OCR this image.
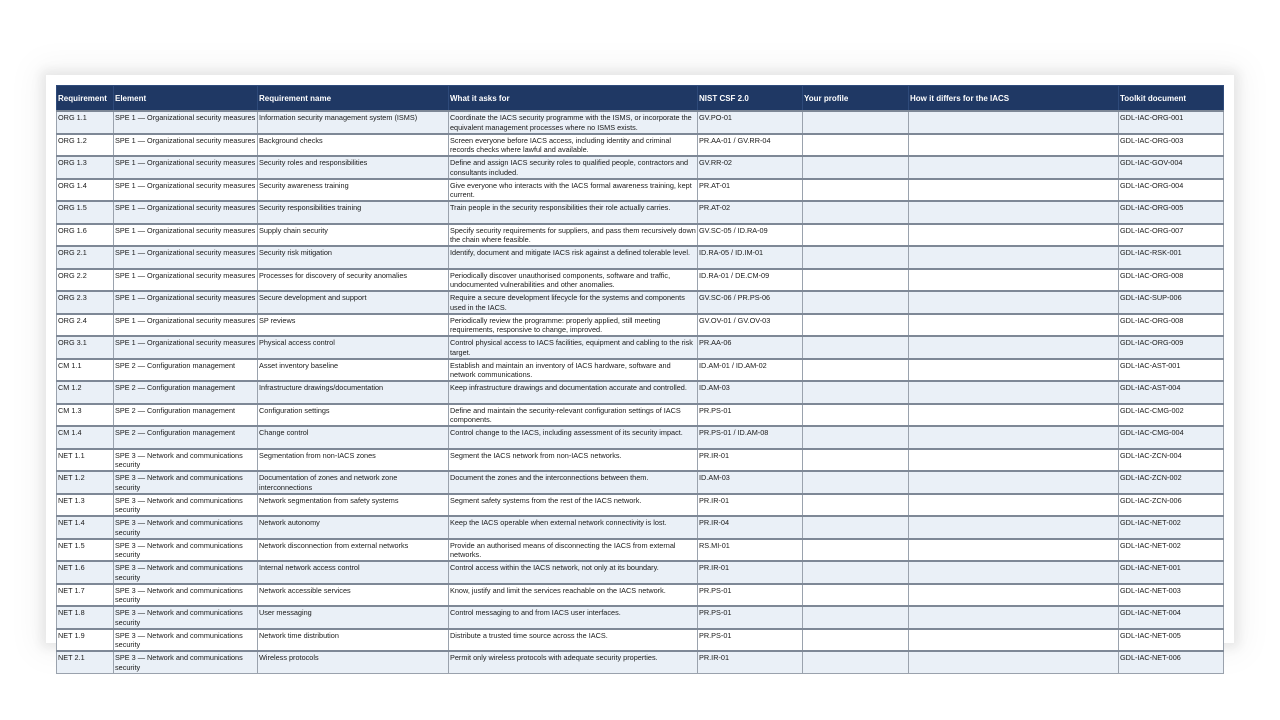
Requirement	Element	Requirement name	What it asks for	NIST CSF 2.0	Your profile	How it differs for the IACS	Toolkit document
ORG 1.1	SPE 1 — Organizational security measures	Information security management system (ISMS)	Coordinate the IACS security programme with the ISMS, or incorporate the equivalent management processes where no ISMS exists.	GV.PO-01			GDL-IAC-ORG-001
ORG 1.2	SPE 1 — Organizational security measures	Background checks	Screen everyone before IACS access, including identity and criminal records checks where lawful and available.	PR.AA-01 / GV.RR-04			GDL-IAC-ORG-003
ORG 1.3	SPE 1 — Organizational security measures	Security roles and responsibilities	Define and assign IACS security roles to qualified people, contractors and consultants included.	GV.RR-02			GDL-IAC-GOV-004
ORG 1.4	SPE 1 — Organizational security measures	Security awareness training	Give everyone who interacts with the IACS formal awareness training, kept current.	PR.AT-01			GDL-IAC-ORG-004
ORG 1.5	SPE 1 — Organizational security measures	Security responsibilities training	Train people in the security responsibilities their role actually carries.	PR.AT-02			GDL-IAC-ORG-005
ORG 1.6	SPE 1 — Organizational security measures	Supply chain security	Specify security requirements for suppliers, and pass them recursively down the chain where feasible.	GV.SC-05 / ID.RA-09			GDL-IAC-ORG-007
ORG 2.1	SPE 1 — Organizational security measures	Security risk mitigation	Identify, document and mitigate IACS risk against a defined tolerable level.	ID.RA-05 / ID.IM-01			GDL-IAC-RSK-001
ORG 2.2	SPE 1 — Organizational security measures	Processes for discovery of security anomalies	Periodically discover unauthorised components, software and traffic, undocumented vulnerabilities and other anomalies.	ID.RA-01 / DE.CM-09			GDL-IAC-ORG-008
ORG 2.3	SPE 1 — Organizational security measures	Secure development and support	Require a secure development lifecycle for the systems and components used in the IACS.	GV.SC-06 / PR.PS-06			GDL-IAC-SUP-006
ORG 2.4	SPE 1 — Organizational security measures	SP reviews	Periodically review the programme: properly applied, still meeting requirements, responsive to change, improved.	GV.OV-01 / GV.OV-03			GDL-IAC-ORG-008
ORG 3.1	SPE 1 — Organizational security measures	Physical access control	Control physical access to IACS facilities, equipment and cabling to the risk target.	PR.AA-06			GDL-IAC-ORG-009
CM 1.1	SPE 2 — Configuration management	Asset inventory baseline	Establish and maintain an inventory of IACS hardware, software and network communications.	ID.AM-01 / ID.AM-02			GDL-IAC-AST-001
CM 1.2	SPE 2 — Configuration management	Infrastructure drawings/documentation	Keep infrastructure drawings and documentation accurate and controlled.	ID.AM-03			GDL-IAC-AST-004
CM 1.3	SPE 2 — Configuration management	Configuration settings	Define and maintain the security-relevant configuration settings of IACS components.	PR.PS-01			GDL-IAC-CMG-002
CM 1.4	SPE 2 — Configuration management	Change control	Control change to the IACS, including assessment of its security impact.	PR.PS-01 / ID.AM-08			GDL-IAC-CMG-004
NET 1.1	SPE 3 — Network and communications security	Segmentation from non-IACS zones	Segment the IACS network from non-IACS networks.	PR.IR-01			GDL-IAC-ZCN-004
NET 1.2	SPE 3 — Network and communications security	Documentation of zones and network zone interconnections	Document the zones and the interconnections between them.	ID.AM-03			GDL-IAC-ZCN-002
NET 1.3	SPE 3 — Network and communications security	Network segmentation from safety systems	Segment safety systems from the rest of the IACS network.	PR.IR-01			GDL-IAC-ZCN-006
NET 1.4	SPE 3 — Network and communications security	Network autonomy	Keep the IACS operable when external network connectivity is lost.	PR.IR-04			GDL-IAC-NET-002
NET 1.5	SPE 3 — Network and communications security	Network disconnection from external networks	Provide an authorised means of disconnecting the IACS from external networks.	RS.MI-01			GDL-IAC-NET-002
NET 1.6	SPE 3 — Network and communications security	Internal network access control	Control access within the IACS network, not only at its boundary.	PR.IR-01			GDL-IAC-NET-001
NET 1.7	SPE 3 — Network and communications security	Network accessible services	Know, justify and limit the services reachable on the IACS network.	PR.PS-01			GDL-IAC-NET-003
NET 1.8	SPE 3 — Network and communications security	User messaging	Control messaging to and from IACS user interfaces.	PR.PS-01			GDL-IAC-NET-004
NET 1.9	SPE 3 — Network and communications security	Network time distribution	Distribute a trusted time source across the IACS.	PR.PS-01			GDL-IAC-NET-005
NET 2.1	SPE 3 — Network and communications security	Wireless protocols	Permit only wireless protocols with adequate security properties.	PR.IR-01			GDL-IAC-NET-006
